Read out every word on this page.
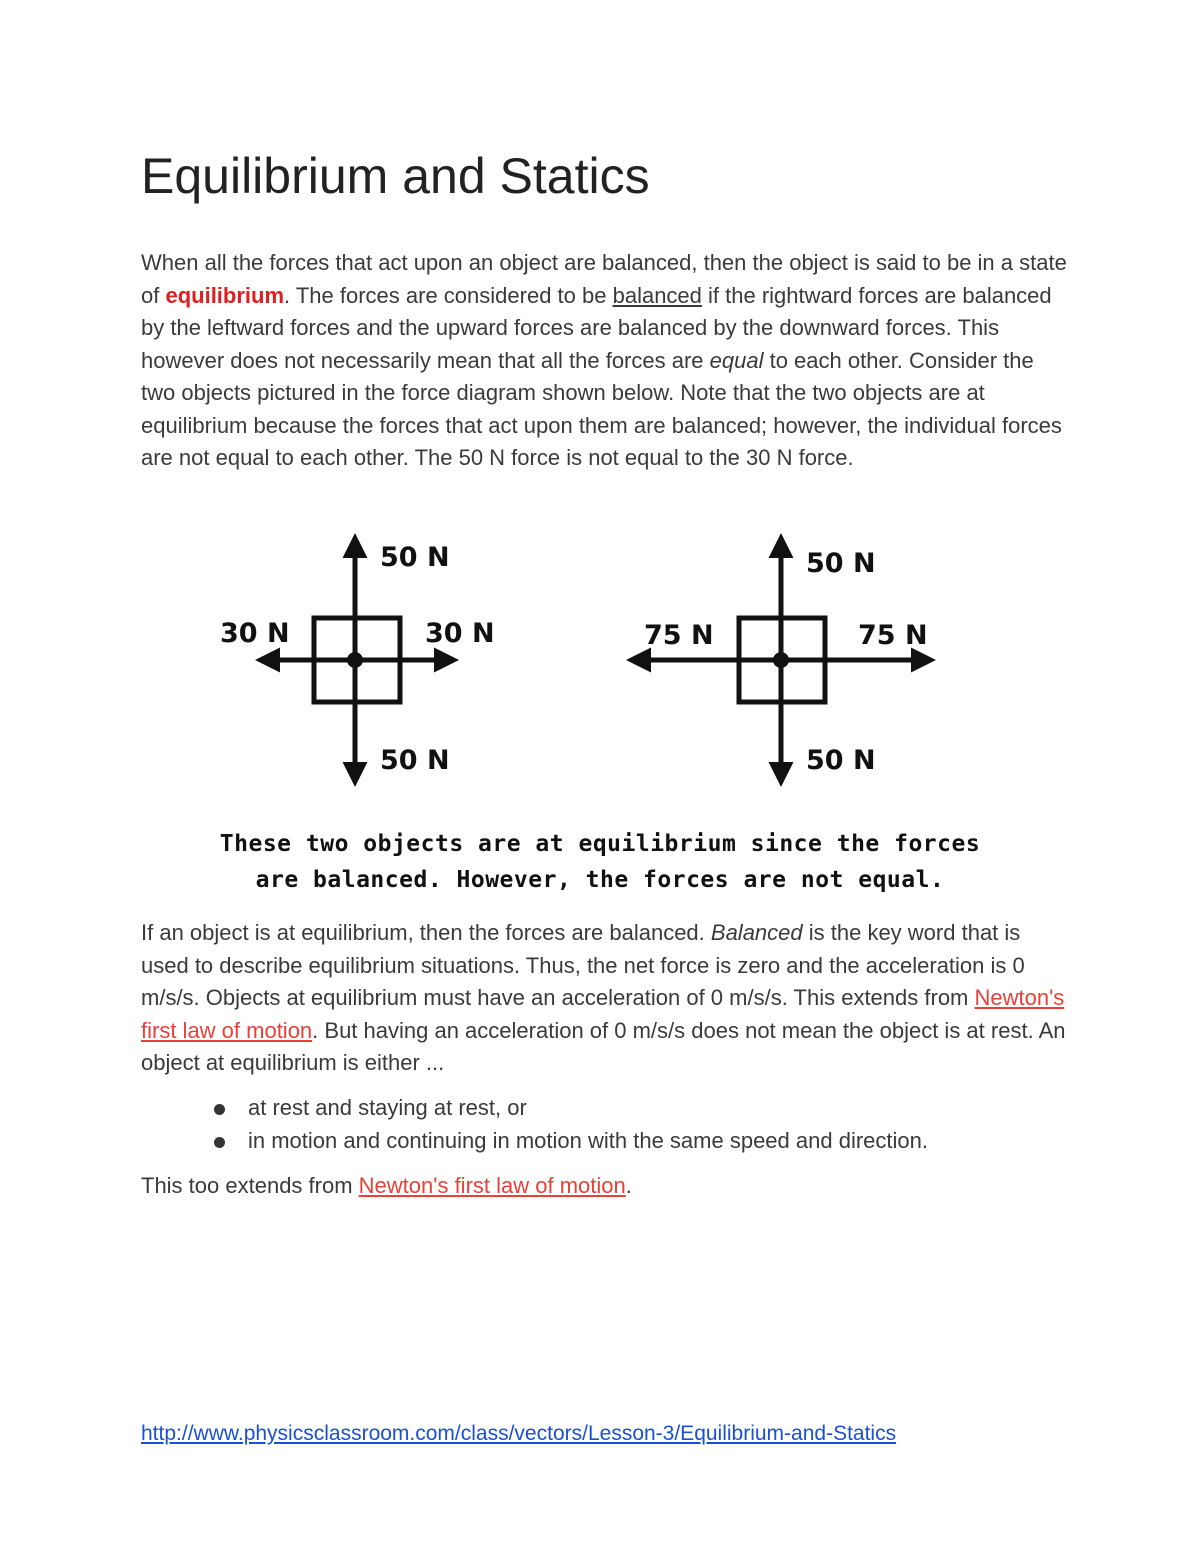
Equilibrium and Statics

When all the forces that act upon an object are balanced, then the object is said to be in a state of equilibrium. The forces are considered to be balanced if the rightward forces are balanced by the leftward forces and the upward forces are balanced by the downward forces. This however does not necessarily mean that all the forces are equal to each other. Consider the two objects pictured in the force diagram shown below. Note that the two objects are at equilibrium because the forces that act upon them are balanced; however, the individual forces are not equal to each other. The 50 N force is not equal to the 30 N force.

50 N
50 N
30 N	30 N
50 N
50 N
75 N	75 N
These two objects are at equilibrium since the forces
are balanced. However, the forces are not equal.

If an object is at equilibrium, then the forces are balanced. Balanced is the key word that is used to describe equilibrium situations. Thus, the net force is zero and the acceleration is 0 m/s/s. Objects at equilibrium must have an acceleration of 0 m/s/s. This extends from Newton's first law of motion. But having an acceleration of 0 m/s/s does not mean the object is at rest. An object at equilibrium is either ...

at rest and staying at rest, or
in motion and continuing in motion with the same speed and direction.

This too extends from Newton's first law of motion.

http://www.physicsclassroom.com/class/vectors/Lesson-3/Equilibrium-and-Statics
